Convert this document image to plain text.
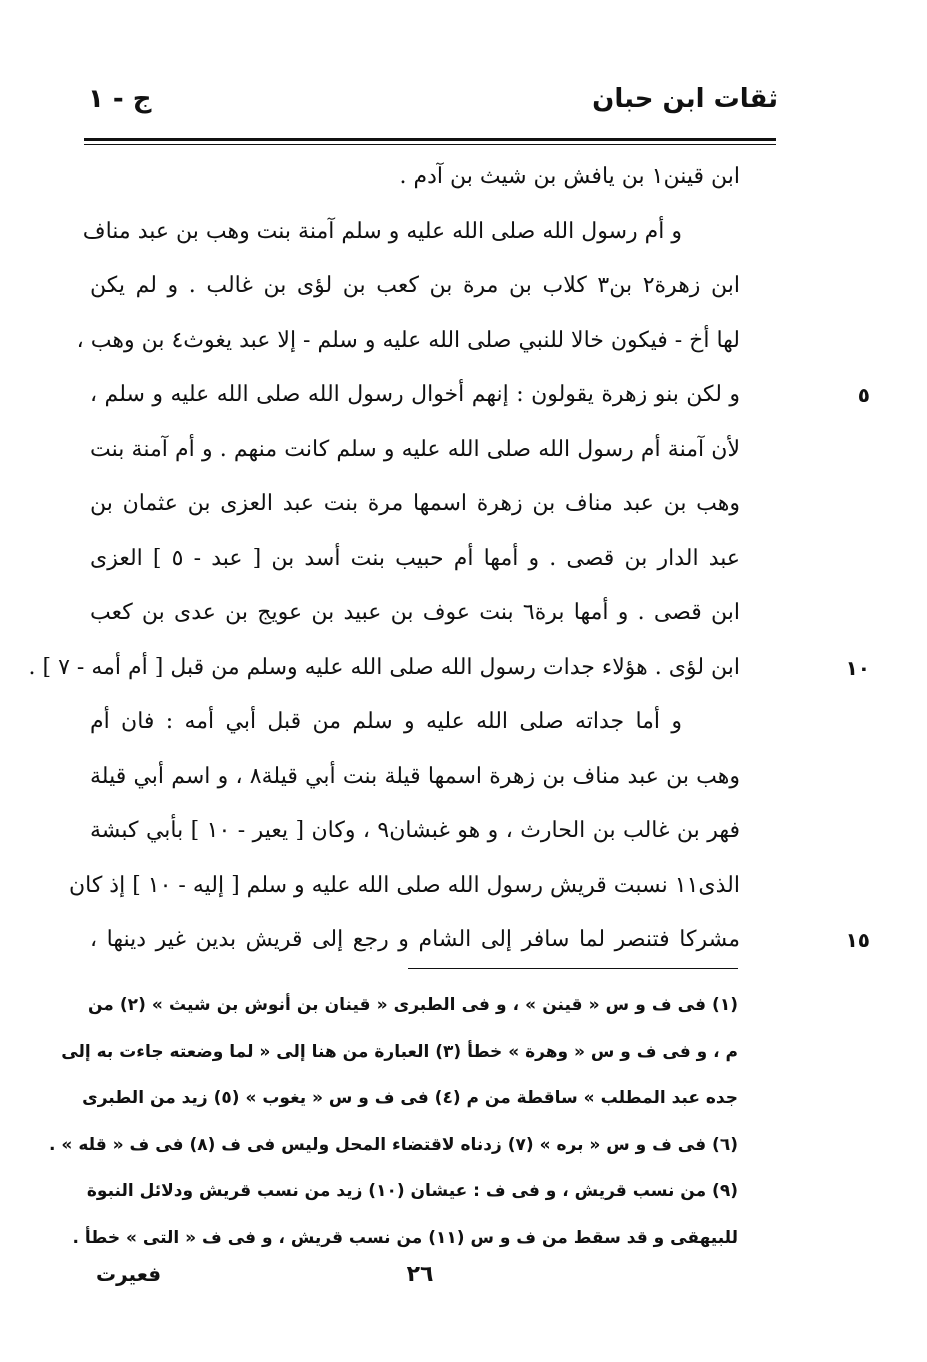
ثقات ابن حبان
ج - ١
ابن قينن١ بن يافش بن شيث بن آدم .
و أم رسول الله صلى الله عليه و سلم آمنة بنت وهب بن عبد مناف
ابن زهرة٢ بن٣ كلاب بن مرة بن كعب بن لؤى بن غالب . و لم يكن
لها أخ - فيكون خالا للنبي صلى الله عليه و سلم - إلا عبد يغوث٤ بن وهب ،
و لكن بنو زهرة يقولون : إنهم أخوال رسول الله صلى الله عليه و سلم ،	٥
لأن آمنة أم رسول الله صلى الله عليه و سلم كانت منهم . و أم آمنة بنت
وهب بن عبد مناف بن زهرة اسمها مرة بنت عبد العزى بن عثمان بن
عبد الدار بن قصى . و أمها أم حبيب بنت أسد بن [ عبد - ٥ ] العزى
ابن قصى . و أمها برة٦ بنت عوف بن عبيد بن عويج بن عدى بن كعب
ابن لؤى . هؤلاء جدات رسول الله صلى الله عليه وسلم من قبل [ أم أمه - ٧ ] .	١٠
و أما جداته صلى الله عليه و سلم من قبل أبي أمه : فان أم
وهب بن عبد مناف بن زهرة اسمها قيلة بنت أبي قيلة٨ ، و اسم أبي قيلة
فهر بن غالب بن الحارث ، و هو غبشان٩ ، وكان [ يعير - ١٠ ] بأبي كبشة
الذى١١ نسبت قريش رسول الله صلى الله عليه و سلم [ إليه - ١٠ ] إذ كان
مشركا فتنصر لما سافر إلى الشام و رجع إلى قريش بدين غير دينها ،	١٥
(١) فى ف و س « قينن » ، و فى الطبرى « قينان بن أنوش بن شيث » (٢) من
م ، و فى ف و س « وهرة » خطأ (٣) العبارة من هنا إلى « لما وضعته جاءت به إلى
جده عبد المطلب » ساقطة من م (٤) فى ف و س « يغوب » (٥) زيد من الطبرى
(٦) فى ف و س « بره » (٧) زدناه لاقتضاء المحل وليس فى ف (٨) فى ف « قله » .
(٩) من نسب قريش ، و فى ف : عيشان (١٠) زيد من نسب قريش ودلائل النبوة
للبيهقى و قد سقط من ف و س (١١) من نسب قريش ، و فى ف « التى » خطأ .
٢٦
فعيرت
